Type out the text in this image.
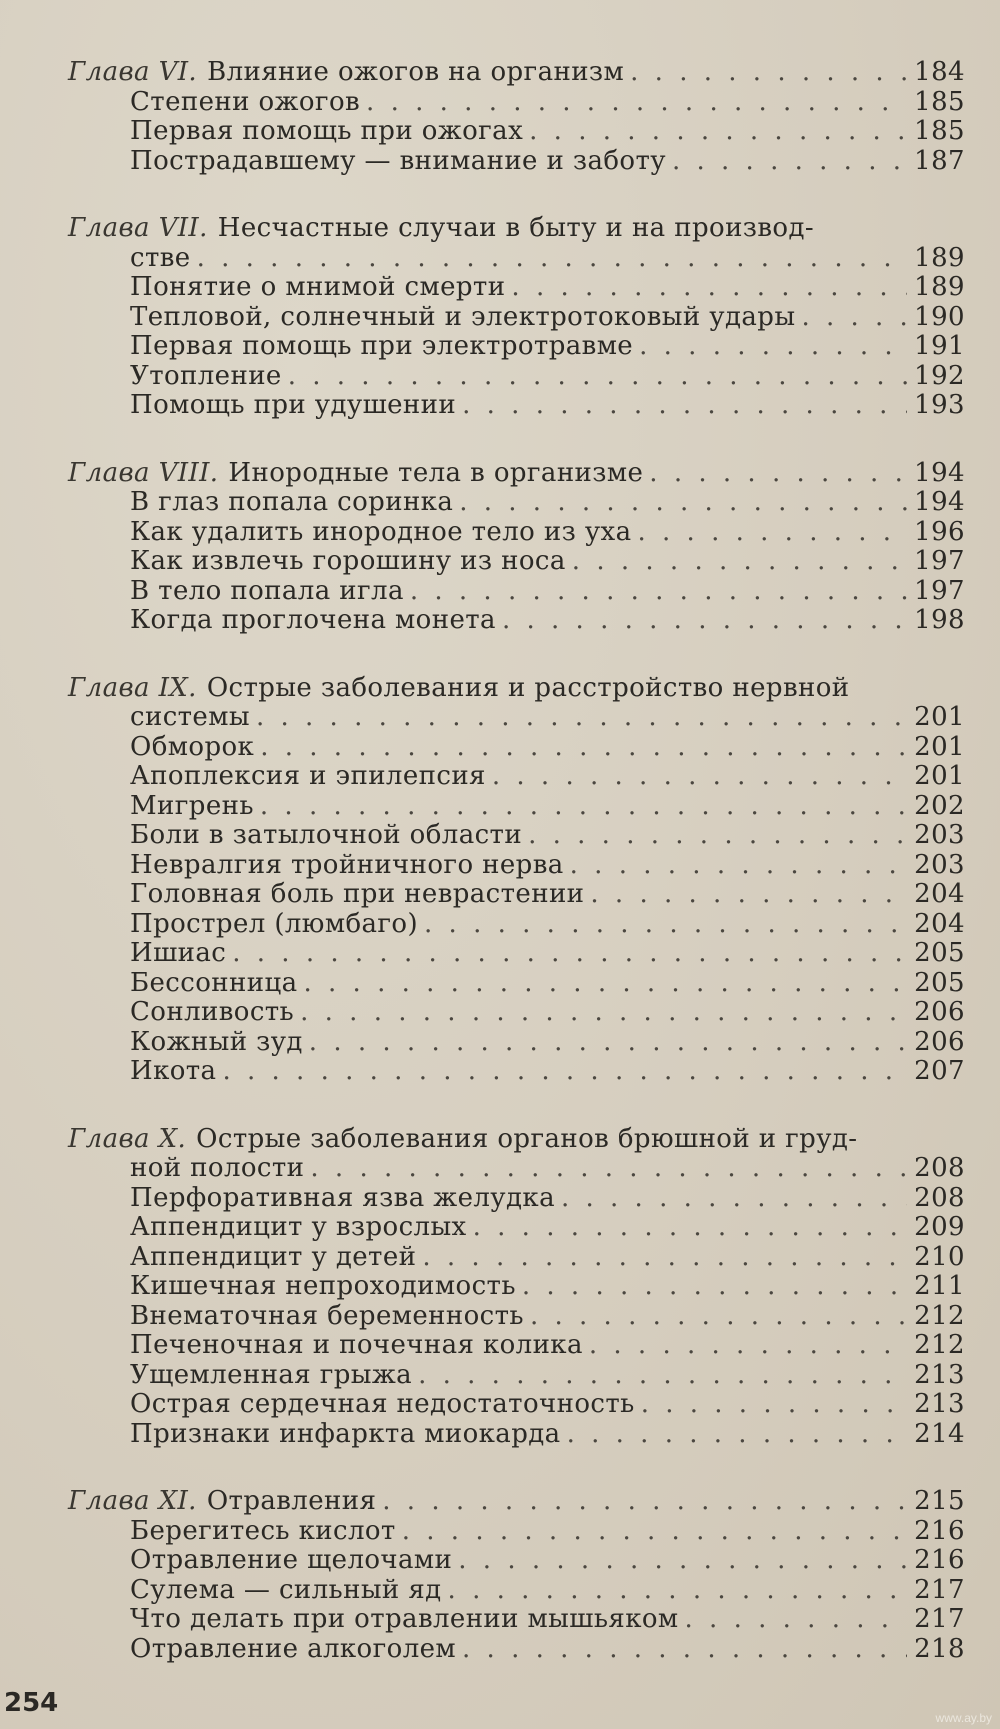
Глава VI. Влияние ожогов на организм . . .	184
Степени ожогов . . .	185
Первая помощь при ожогах . . .	185
Пострадавшему — внимание и заботу . . .	187
Глава VII. Несчастные случаи в быту и на производ-
стве . . .	189
Понятие о мнимой смерти . . .	189
Тепловой, солнечный и электротоковый удары . . .	190
Первая помощь при электротравме . . .	191
Утопление . . .	192
Помощь при удушении . . .	193
Глава VIII. Инородные тела в организме . . .	194
В глаз попала соринка . . .	194
Как удалить инородное тело из уха . . .	196
Как извлечь горошину из носа . . .	197
В тело попала игла . . .	197
Когда проглочена монета . . .	198
Глава IX. Острые заболевания и расстройство нервной
системы . . .	201
Обморок . . .	201
Апоплексия и эпилепсия . . .	201
Мигрень . . .	202
Боли в затылочной области . . .	203
Невралгия тройничного нерва . . .	203
Головная боль при неврастении . . .	204
Прострел (люмбаго) . . .	204
Ишиас . . .	205
Бессонница . . .	205
Сонливость . . .	206
Кожный зуд . . .	206
Икота . . .	207
Глава X. Острые заболевания органов брюшной и груд-
ной полости . . .	208
Перфоративная язва желудка . . .	208
Аппендицит у взрослых . . .	209
Аппендицит у детей . . .	210
Кишечная непроходимость . . .	211
Внематочная беременность . . .	212
Печеночная и почечная колика . . .	212
Ущемленная грыжа . . .	213
Острая сердечная недостаточность . . .	213
Признаки инфаркта миокарда . . .	214
Глава XI. Отравления . . .	215
Берегитесь кислот . . .	216
Отравление щелочами . . .	216
Сулема — сильный яд . . .	217
Что делать при отравлении мышьяком . . .	217
Отравление алкоголем . . .	218
254	www.ay.by
